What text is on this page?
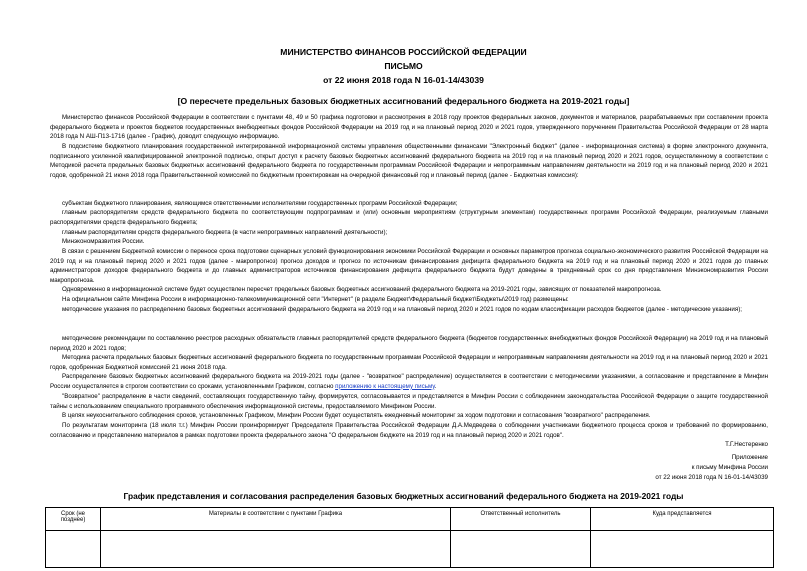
МИНИСТЕРСТВО ФИНАНСОВ РОССИЙСКОЙ ФЕДЕРАЦИИ
ПИСЬМО
от 22 июня 2018 года N 16-01-14/43039
[О пересчете предельных базовых бюджетных ассигнований федерального бюджета на 2019-2021 годы]
Министерство финансов Российской Федерации в соответствии с пунктами 48, 49 и 50 графика подготовки и рассмотрения в 2018 году проектов федеральных законов, документов и материалов, разрабатываемых при составлении проекта федерального бюджета и проектов бюджетов государственных внебюджетных фондов Российской Федерации на 2019 год и на плановый период 2020 и 2021 годов, утвержденного поручением Правительства Российской Федерации от 28 марта 2018 года N АШ-П13-1716 (далее - График), доводит следующую информацию.
В подсистеме бюджетного планирования государственной интегрированной информационной системы управления общественными финансами "Электронный бюджет" (далее - информационная система) в форме электронного документа, подписанного усиленной квалифицированной электронной подписью, открыт доступ к расчету базовых бюджетных ассигнований федерального бюджета на 2019 год и на плановый период 2020 и 2021 годов, осуществленному в соответствии с Методикой расчета предельных базовых бюджетных ассигнований федерального бюджета по государственным программам Российской Федерации и непрограммным направлениям деятельности на 2019 год и на плановый период 2020 и 2021 годов, одобренной 21 июня 2018 года Правительственной комиссией по бюджетным проектировкам на очередной финансовый год и плановый период (далее - Бюджетная комиссия):
субъектам бюджетного планирования, являющимся ответственными исполнителями государственных программ Российской Федерации;
главным распорядителям средств федерального бюджета по соответствующим подпрограммам и (или) основным мероприятиям (структурным элементам) государственных программ Российской Федерации, реализуемым главными распорядителями средств федерального бюджета;
главным распорядителям средств федерального бюджета (в части непрограммных направлений деятельности);
Минэкономразвития России.
В связи с решением Бюджетной комиссии о переносе срока подготовки сценарных условий функционирования экономики Российской Федерации и основных параметров прогноза социально-экономического развития Российской Федерации на 2019 год и на плановый период 2020 и 2021 годов (далее - макропрогноз) прогноз доходов и прогноз по источникам финансирования дефицита федерального бюджета на 2019 год и на плановый период 2020 и 2021 годов до главных администраторов доходов федерального бюджета и до главных администраторов источников финансирования дефицита федерального бюджета будут доведены в трехдневный срок со дня представления Минэкономразвития России макропрогноза.
Одновременно в информационной системе будет осуществлен пересчет предельных базовых бюджетных ассигнований федерального бюджета на 2019-2021 годы, зависящих от показателей макропрогноза.
На официальном сайте Минфина России в информационно-телекоммуникационной сети "Интернет" (в разделе Бюджет\Федеральный бюджет\Бюджеты\2019 год) размещены:
методические указания по распределению базовых бюджетных ассигнований федерального бюджета на 2019 год и на плановый период 2020 и 2021 годов по кодам классификации расходов бюджетов (далее - методические указания);
методические рекомендации по составлению реестров расходных обязательств главных распорядителей средств федерального бюджета (бюджетов государственных внебюджетных фондов Российской Федерации) на 2019 год и на плановый период 2020 и 2021 годов;
Методика расчета предельных базовых бюджетных ассигнований федерального бюджета по государственным программам Российской Федерации и непрограммным направлениям деятельности на 2019 год и на плановый период 2020 и 2021 годов, одобренная Бюджетной комиссией 21 июня 2018 года.
Распределение базовых бюджетных ассигнований федерального бюджета на 2019-2021 годы (далее - "возвратное" распределение) осуществляется в соответствии с методическими указаниями, а согласование и представление в Минфин России осуществляется в строгом соответствии со сроками, установленными Графиком, согласно приложению к настоящему письму.
"Возвратное" распределение в части сведений, составляющих государственную тайну, формируется, согласовывается и представляется в Минфин России с соблюдением законодательства Российской Федерации о защите государственной тайны с использованием специального программного обеспечения информационной системы, предоставляемого Минфином России.
В целях неукоснительного соблюдения сроков, установленных Графиком, Минфин России будет осуществлять ежедневный мониторинг за ходом подготовки и согласования "возвратного" распределения.
По результатам мониторинга (18 июля т.г.) Минфин России проинформирует Председателя Правительства Российской Федерации Д.А.Медведева о соблюдении участниками бюджетного процесса сроков и требований по формированию, согласованию и представлению материалов в рамках подготовки проекта федерального закона "О федеральном бюджете на 2019 год и на плановый период 2020 и 2021 годов".
Т.Г.Нестеренко
Приложение
к письму Минфина России
от 22 июня 2018 года N 16-01-14/43039
График представления и согласования распределения базовых бюджетных ассигнований федерального бюджета на 2019-2021 годы
Срок (не позднее)	Материалы в соответствии с пунктами Графика	Ответственный исполнитель	Куда представляется
